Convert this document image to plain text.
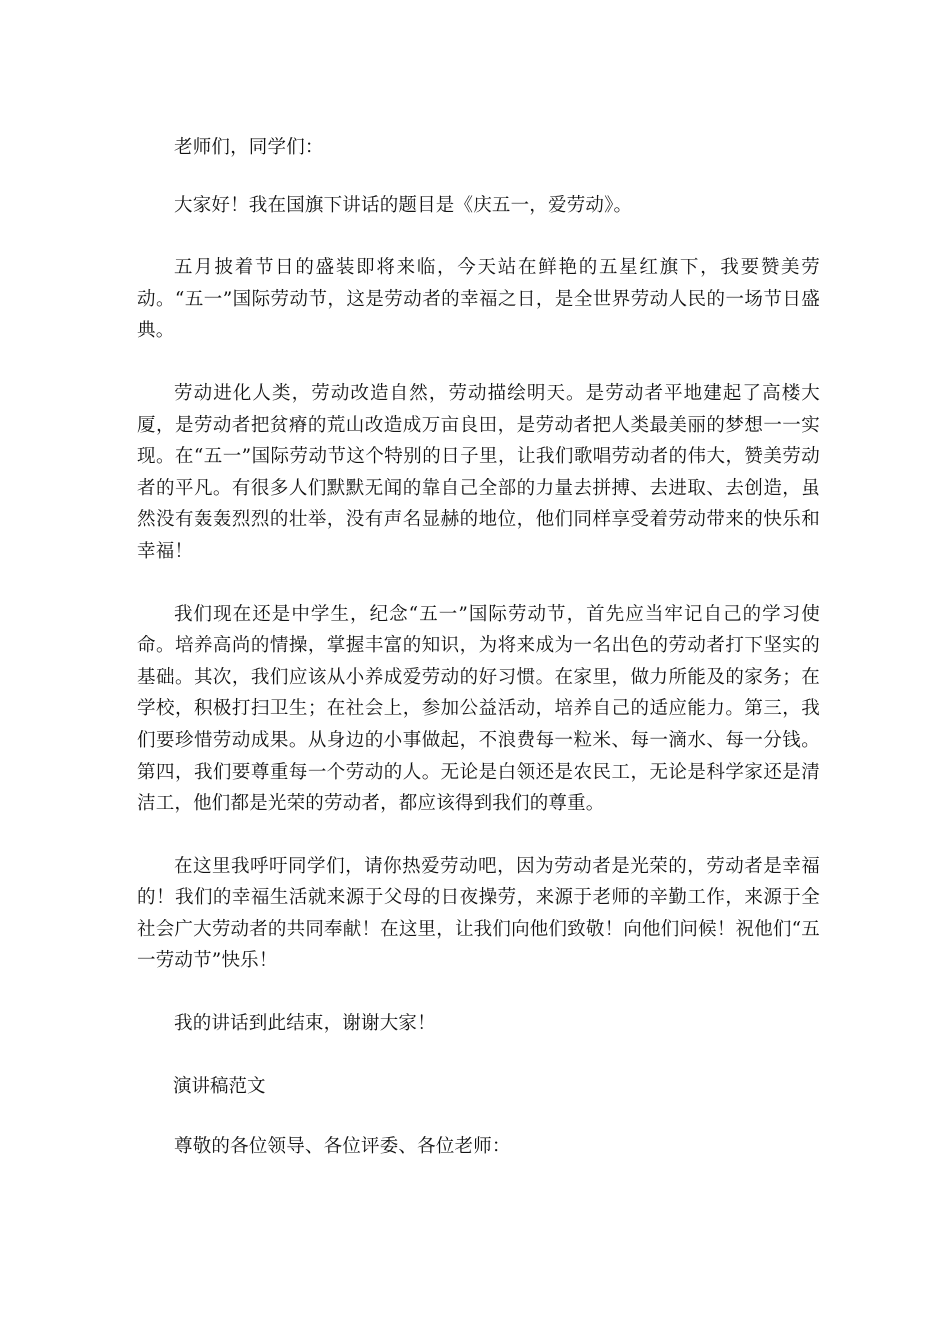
老师们，同学们：

大家好！我在国旗下讲话的题目是《庆五一，爱劳动》。

五月披着节日的盛装即将来临，今天站在鲜艳的五星红旗下，我要赞美劳动。“五一”国际劳动节，这是劳动者的幸福之日，是全世界劳动人民的一场节日盛典。

劳动进化人类，劳动改造自然，劳动描绘明天。是劳动者平地建起了高楼大厦，是劳动者把贫瘠的荒山改造成万亩良田，是劳动者把人类最美丽的梦想一一实现。在“五一”国际劳动节这个特别的日子里，让我们歌唱劳动者的伟大，赞美劳动者的平凡。有很多人们默默无闻的靠自己全部的力量去拼搏、去进取、去创造，虽然没有轰轰烈烈的壮举，没有声名显赫的地位，他们同样享受着劳动带来的快乐和幸福！

我们现在还是中学生，纪念“五一”国际劳动节，首先应当牢记自己的学习使命。培养高尚的情操，掌握丰富的知识，为将来成为一名出色的劳动者打下坚实的基础。其次，我们应该从小养成爱劳动的好习惯。在家里，做力所能及的家务；在学校，积极打扫卫生；在社会上，参加公益活动，培养自己的适应能力。第三，我们要珍惜劳动成果。从身边的小事做起，不浪费每一粒米、每一滴水、每一分钱。第四，我们要尊重每一个劳动的人。无论是白领还是农民工，无论是科学家还是清洁工，他们都是光荣的劳动者，都应该得到我们的尊重。

在这里我呼吁同学们，请你热爱劳动吧，因为劳动者是光荣的，劳动者是幸福的！我们的幸福生活就来源于父母的日夜操劳，来源于老师的辛勤工作，来源于全社会广大劳动者的共同奉献！在这里，让我们向他们致敬！向他们问候！祝他们“五一劳动节”快乐！

我的讲话到此结束，谢谢大家！

演讲稿范文

尊敬的各位领导、各位评委、各位老师：
